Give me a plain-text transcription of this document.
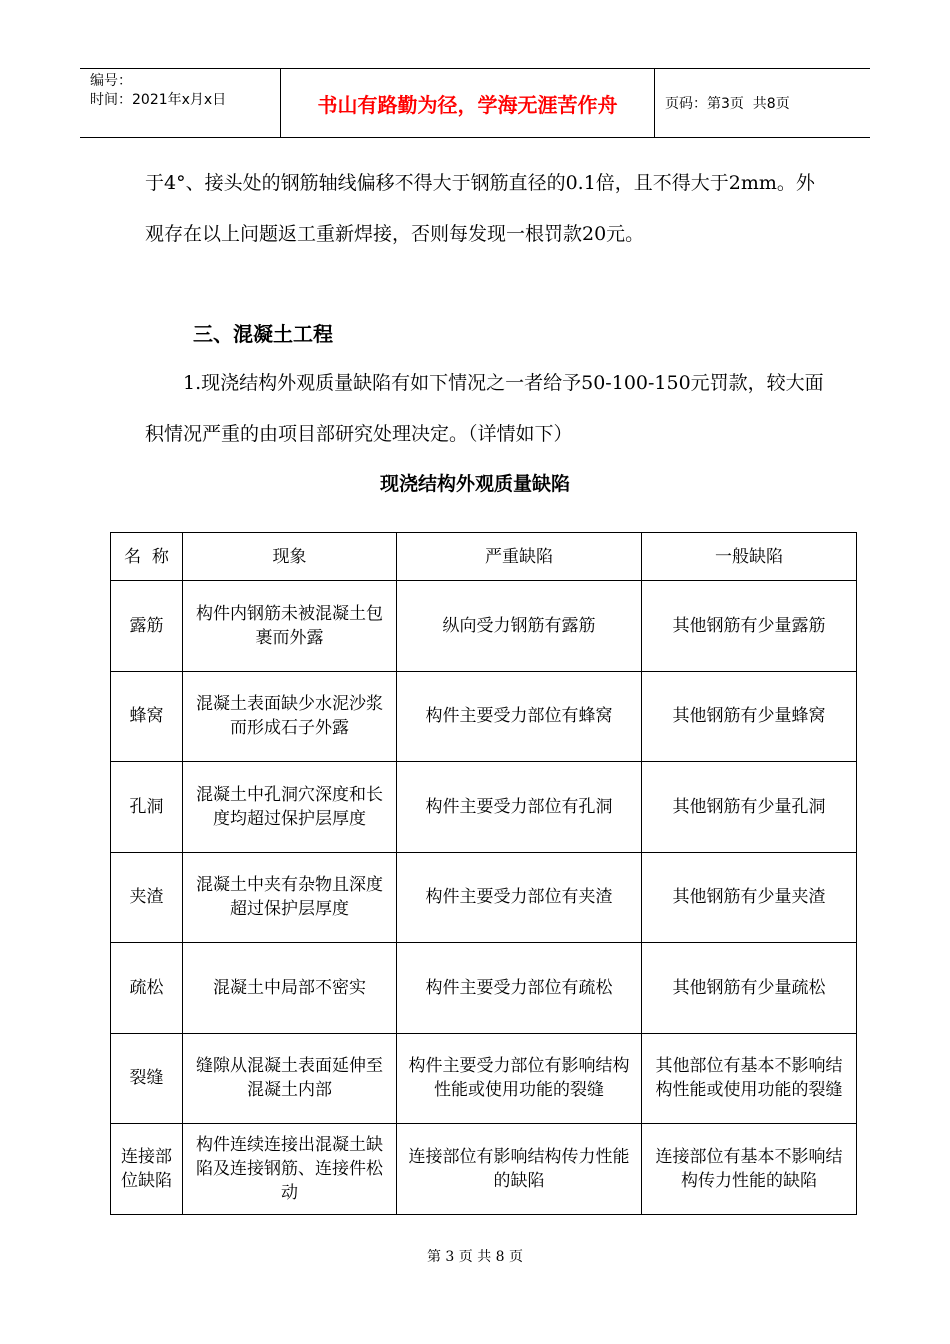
编号：
时间：2021年x月x日	书山有路勤为径，学海无涯苦作舟	页码：第3页  共8页

于4°、接头处的钢筋轴线偏移不得大于钢筋直径的0.1倍，且不得大于2mm。外观存在以上问题返工重新焊接，否则每发现一根罚款20元。

三、混凝土工程

1.现浇结构外观质量缺陷有如下情况之一者给予50-100-150元罚款，较大面积情况严重的由项目部研究处理决定。（详情如下）

现浇结构外观质量缺陷
名  称	现象	严重缺陷	一般缺陷
露筋	构件内钢筋未被混凝土包裹而外露	纵向受力钢筋有露筋	其他钢筋有少量露筋
蜂窝	混凝土表面缺少水泥沙浆而形成石子外露	构件主要受力部位有蜂窝	其他钢筋有少量蜂窝
孔洞	混凝土中孔洞穴深度和长度均超过保护层厚度	构件主要受力部位有孔洞	其他钢筋有少量孔洞
夹渣	混凝土中夹有杂物且深度超过保护层厚度	构件主要受力部位有夹渣	其他钢筋有少量夹渣
疏松	混凝土中局部不密实	构件主要受力部位有疏松	其他钢筋有少量疏松
裂缝	缝隙从混凝土表面延伸至混凝土内部	构件主要受力部位有影响结构性能或使用功能的裂缝	其他部位有基本不影响结构性能或使用功能的裂缝
连接部位缺陷	构件连续连接出混凝土缺陷及连接钢筋、连接件松动	连接部位有影响结构传力性能的缺陷	连接部位有基本不影响结构传力性能的缺陷
第 3 页 共 8 页
